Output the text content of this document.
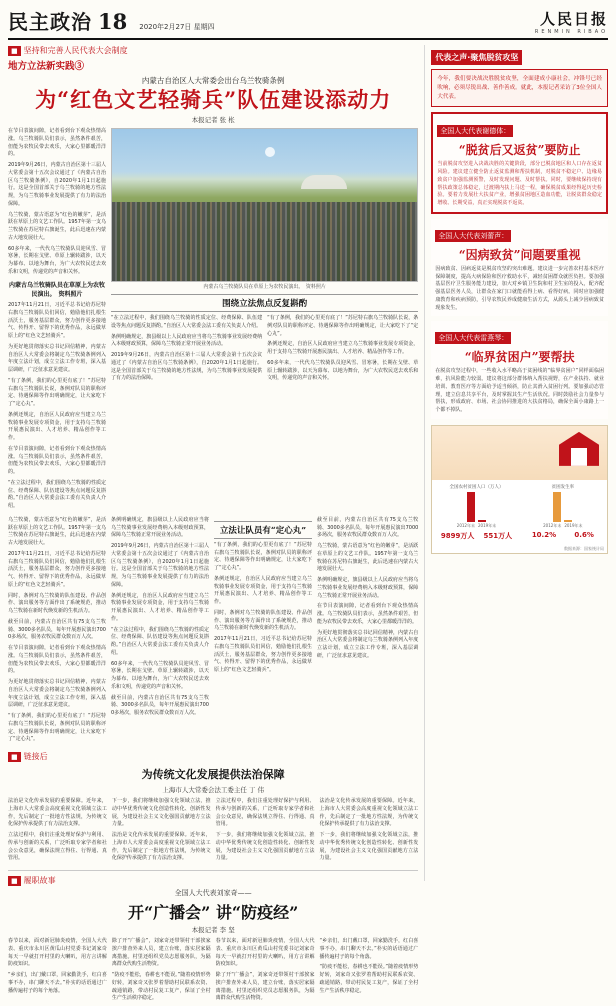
民主政治 18 2020年2月27日 星期四	人民日报
RENMIN RIBAO
■ 坚持和完善人民代表大会制度
地方立法新实践③
内蒙古自治区人大常委会出台乌兰牧骑条例
为“红色文艺轻骑兵”队伍建设添动力
本报记者 张 枨

在节目表演间隙，记者看到台下观众热情高涨。乌兰牧骑队员们表示，虽然条件艰苦，但能为农牧民带去欢乐，大家心里都暖洋洋的。

2019年9月26日，内蒙古自治区第十三届人大常委会第十五次会议通过了《内蒙古自治区乌兰牧骑条例》，自2020年1月1日起施行。这是全国首部关于乌兰牧骑的地方性法规，为乌兰牧骑事业发展提供了有力的法治保障。

乌兰牧骑，蒙古语意为“红色的嫩芽”，是活跃在草原上的文艺工作队。1957年第一支乌兰牧骑在苏尼特右旗诞生，此后迅速在内蒙古大地发展壮大。

60多年来，一代代乌兰牧骑队员迎风雪、冒寒暑，长期在戈壁、草原上辗转跋涉，以天为幕布、以地为舞台，为广大农牧民送去欢乐和文明，传递党的声音和关怀。

内蒙古乌兰牧骑队员在草原上为农牧民演出。　资料照片

2017年11月21日，习近平总书记给苏尼特右旗乌兰牧骑队员们回信，勉励他们扎根生活沃土，服务基层群众，努力创作更多接地气、传得开、留得下的优秀作品，永远做草原上的“红色文艺轻骑兵”。

为更好地贯彻落实总书记回信精神，内蒙古自治区人大常委会将制定乌兰牧骑条例列入年度立法计划，成立立法工作专班，深入基层调研，广泛征求意见建议。

“有了条例，我们的心里更有底了！”苏尼特右旗乌兰牧骑队长说，条例对队员的职称评定、待遇保障等作出明确规定，让大家吃下了“定心丸”。

条例还规定，自治区人民政府应当建立乌兰牧骑事业发展专项资金，用于支持乌兰牧骑开展惠民演出、人才培养、精品创作等工作。

在节目表演间隙，记者看到台下观众热情高涨。乌兰牧骑队员们表示，虽然条件艰苦，但能为农牧民带去欢乐，大家心里都暖洋洋的。

“在立法过程中，我们围绕乌兰牧骑的性质定位、经费保障、队伍建设等焦点问题反复斟酌。”自治区人大常委会法工委有关负责人介绍。

内蒙古乌兰牧骑队员在草原上为农牧民演出。　资料照片
围绕立法焦点反复斟酌

“在立法过程中，我们围绕乌兰牧骑的性质定位、经费保障、队伍建设等焦点问题反复斟酌。”自治区人大常委会法工委有关负责人介绍。

条例明确规定，旗县级以上人民政府应当将乌兰牧骑事业发展经费纳入本级财政预算，保障乌兰牧骑正常开展业务活动。

2019年9月26日，内蒙古自治区第十三届人大常委会第十五次会议通过了《内蒙古自治区乌兰牧骑条例》，自2020年1月1日起施行。这是全国首部关于乌兰牧骑的地方性法规，为乌兰牧骑事业发展提供了有力的法治保障。

“有了条例，我们的心里更有底了！”苏尼特右旗乌兰牧骑队长说，条例对队员的职称评定、待遇保障等作出明确规定，让大家吃下了“定心丸”。

条例还规定，自治区人民政府应当建立乌兰牧骑事业发展专项资金，用于支持乌兰牧骑开展惠民演出、人才培养、精品创作等工作。

60多年来，一代代乌兰牧骑队员迎风雪、冒寒暑，长期在戈壁、草原上辗转跋涉，以天为幕布、以地为舞台，为广大农牧民送去欢乐和文明，传递党的声音和关怀。

乌兰牧骑，蒙古语意为“红色的嫩芽”，是活跃在草原上的文艺工作队。1957年第一支乌兰牧骑在苏尼特右旗诞生，此后迅速在内蒙古大地发展壮大。

2017年11月21日，习近平总书记给苏尼特右旗乌兰牧骑队员们回信，勉励他们扎根生活沃土，服务基层群众，努力创作更多接地气、传得开、留得下的优秀作品，永远做草原上的“红色文艺轻骑兵”。

同时，条例对乌兰牧骑的队伍建设、作品创作、演出服务等方面作出了系统规范，推动乌兰牧骑在新时代焕发新的生机活力。

截至目前，内蒙古自治区共有75支乌兰牧骑、3000多名队员，每年开展惠民演出7000多场次，服务农牧民群众数百万人次。

在节目表演间隙，记者看到台下观众热情高涨。乌兰牧骑队员们表示，虽然条件艰苦，但能为农牧民带去欢乐，大家心里都暖洋洋的。

为更好地贯彻落实总书记回信精神，内蒙古自治区人大常委会将制定乌兰牧骑条例列入年度立法计划，成立立法工作专班，深入基层调研，广泛征求意见建议。

“有了条例，我们的心里更有底了！”苏尼特右旗乌兰牧骑队长说，条例对队员的职称评定、待遇保障等作出明确规定，让大家吃下了“定心丸”。

条例明确规定，旗县级以上人民政府应当将乌兰牧骑事业发展经费纳入本级财政预算，保障乌兰牧骑正常开展业务活动。

2019年9月26日，内蒙古自治区第十三届人大常委会第十五次会议通过了《内蒙古自治区乌兰牧骑条例》，自2020年1月1日起施行。这是全国首部关于乌兰牧骑的地方性法规，为乌兰牧骑事业发展提供了有力的法治保障。

条例还规定，自治区人民政府应当建立乌兰牧骑事业发展专项资金，用于支持乌兰牧骑开展惠民演出、人才培养、精品创作等工作。

“在立法过程中，我们围绕乌兰牧骑的性质定位、经费保障、队伍建设等焦点问题反复斟酌。”自治区人大常委会法工委有关负责人介绍。

60多年来，一代代乌兰牧骑队员迎风雪、冒寒暑，长期在戈壁、草原上辗转跋涉，以天为幕布、以地为舞台，为广大农牧民送去欢乐和文明，传递党的声音和关怀。

截至目前，内蒙古自治区共有75支乌兰牧骑、3000多名队员，每年开展惠民演出7000多场次，服务农牧民群众数百万人次。

立法让队员有“定心丸”

“有了条例，我们的心里更有底了！”苏尼特右旗乌兰牧骑队长说，条例对队员的职称评定、待遇保障等作出明确规定，让大家吃下了“定心丸”。

条例还规定，自治区人民政府应当建立乌兰牧骑事业发展专项资金，用于支持乌兰牧骑开展惠民演出、人才培养、精品创作等工作。

同时，条例对乌兰牧骑的队伍建设、作品创作、演出服务等方面作出了系统规范，推动乌兰牧骑在新时代焕发新的生机活力。

2017年11月21日，习近平总书记给苏尼特右旗乌兰牧骑队员们回信，勉励他们扎根生活沃土，服务基层群众，努力创作更多接地气、传得开、留得下的优秀作品，永远做草原上的“红色文艺轻骑兵”。

截至目前，内蒙古自治区共有75支乌兰牧骑、3000多名队员，每年开展惠民演出7000多场次，服务农牧民群众数百万人次。

乌兰牧骑，蒙古语意为“红色的嫩芽”，是活跃在草原上的文艺工作队。1957年第一支乌兰牧骑在苏尼特右旗诞生，此后迅速在内蒙古大地发展壮大。

条例明确规定，旗县级以上人民政府应当将乌兰牧骑事业发展经费纳入本级财政预算，保障乌兰牧骑正常开展业务活动。

在节目表演间隙，记者看到台下观众热情高涨。乌兰牧骑队员们表示，虽然条件艰苦，但能为农牧民带去欢乐，大家心里都暖洋洋的。

为更好地贯彻落实总书记回信精神，内蒙古自治区人大常委会将制定乌兰牧骑条例列入年度立法计划，成立立法工作专班，深入基层调研，广泛征求意见建议。

■ 链接后
为传统文化发展提供法治保障
上海市人大常委会法工委主任 丁 伟

法治是文化传承发展的重要保障。近年来，上海市人大常委会高度重视文化领域立法工作，先后制定了一批地方性法规，为传统文化保护传承提供了有力法治支撑。

立法过程中，我们注重处理好保护与利用、传承与创新的关系，广泛听取专家学者和社会公众意见，确保法规立得住、行得通、真管用。

下一步，我们将继续加强文化领域立法，推动中华优秀传统文化创造性转化、创新性发展，为建设社会主义文化强国贡献地方立法力量。

法治是文化传承发展的重要保障。近年来，上海市人大常委会高度重视文化领域立法工作，先后制定了一批地方性法规，为传统文化保护传承提供了有力法治支撑。

立法过程中，我们注重处理好保护与利用、传承与创新的关系，广泛听取专家学者和社会公众意见，确保法规立得住、行得通、真管用。

下一步，我们将继续加强文化领域立法，推动中华优秀传统文化创造性转化、创新性发展，为建设社会主义文化强国贡献地方立法力量。

法治是文化传承发展的重要保障。近年来，上海市人大常委会高度重视文化领域立法工作，先后制定了一批地方性法规，为传统文化保护传承提供了有力法治支撑。

下一步，我们将继续加强文化领域立法，推动中华优秀传统文化创造性转化、创新性发展，为建设社会主义文化强国贡献地方立法力量。

■ 履职故事
全国人大代表刘家奇——
开“广播会” 讲“防疫经”
本报记者 李 坚

春节以来，面对新冠肺炎疫情，全国人大代表、重庆市永川区黄瓜山村党委书记刘家奇每天一早就打开村里的大喇叭，用方言讲解防疫知识。

“乡亲们，出门戴口罩，回家勤洗手，红白喜事不办，串门聊天不去。”朴实的话语通过广播传遍村子的每个角落。

除了开“广播会”，刘家奇还带领村干部挨家挨户排查外来人员，建立台账，落实居家隔离措施。村里还组织党员志愿服务队，为隔离群众代购生活物资。

“防疫不能松，春耕也不能误。”随着疫情形势好转，刘家奇又张罗着帮助村民联系农资、疏通销路，带动村民复工复产，保证了全村生产生活秩序稳定。

春节以来，面对新冠肺炎疫情，全国人大代表、重庆市永川区黄瓜山村党委书记刘家奇每天一早就打开村里的大喇叭，用方言讲解防疫知识。

除了开“广播会”，刘家奇还带领村干部挨家挨户排查外来人员，建立台账，落实居家隔离措施。村里还组织党员志愿服务队，为隔离群众代购生活物资。

“乡亲们，出门戴口罩，回家勤洗手，红白喜事不办，串门聊天不去。”朴实的话语通过广播传遍村子的每个角落。

“防疫不能松，春耕也不能误。”随着疫情形势好转，刘家奇又张罗着帮助村民联系农资、疏通销路，带动村民复工复产，保证了全村生产生活秩序稳定。

代表之声·聚焦脱贫攻坚
今年，我们要决战决胜脱贫攻坚，全面建成小康社会，冲锋号已经吹响，必须尽锐出战、善作善成。就此，本报记者采访了3位全国人大代表。
全国人大代表谢德体：
“脱贫后又返贫”要防止
当前脱贫攻坚进入决战决胜的关键阶段，部分已脱贫地区和人口存在返贫风险。建议建立健全防止返贫监测和帮扶机制，对脱贫不稳定户、边缘易致贫户加强监测预警，及时发现问题、及时帮扶。同时，要继续保持现有帮扶政策总体稳定，过渡期内扶上马送一程，确保脱贫成果经得起历史检验。要着力发展壮大扶贫产业，增强贫困地区造血功能，让脱贫群众稳定增收、长期受益，真正实现脱贫不返贫。
全国人大代表刘蕾声：
“因病致贫”问题要重视
因病致贫、因病返贫是脱贫攻坚的突出难题。建议进一步完善农村基本医疗保障制度，提高大病保险和医疗救助水平，减轻贫困群众就医负担。要加强基层医疗卫生服务能力建设，加大对乡镇卫生院和村卫生室的投入，配齐配强基层医务人员，让群众在家门口就能看得上病、看得好病。同时应加强健康教育和疾病预防，引导农牧民养成健康生活方式，从源头上减少因病致贫现象发生。
全国人大代表雷燕琴：
“临界贫困户”要帮扶
在脱贫攻坚过程中，一些收入水平略高于贫困线的“临界贫困户”同样面临困难，抗风险能力较弱。建议将这部分群体纳入帮扶视野，在产业扶持、就业培训、教育医疗等方面给予适当倾斜，防止其滑入贫困行列。要加强动态管理，建立信息共享平台，及时掌握其生产生活状况。同时鼓励社会力量参与帮扶，形成政府、市场、社会协同推进的大扶贫格局，确保全面小康路上一个都不掉队。
全国农村贫困人口（万人）
2012年末 2019年末
9899万人 551万人
贫困发生率
2012年末 2019年末
10.2%	0.6%
数据来源：国家统计局
